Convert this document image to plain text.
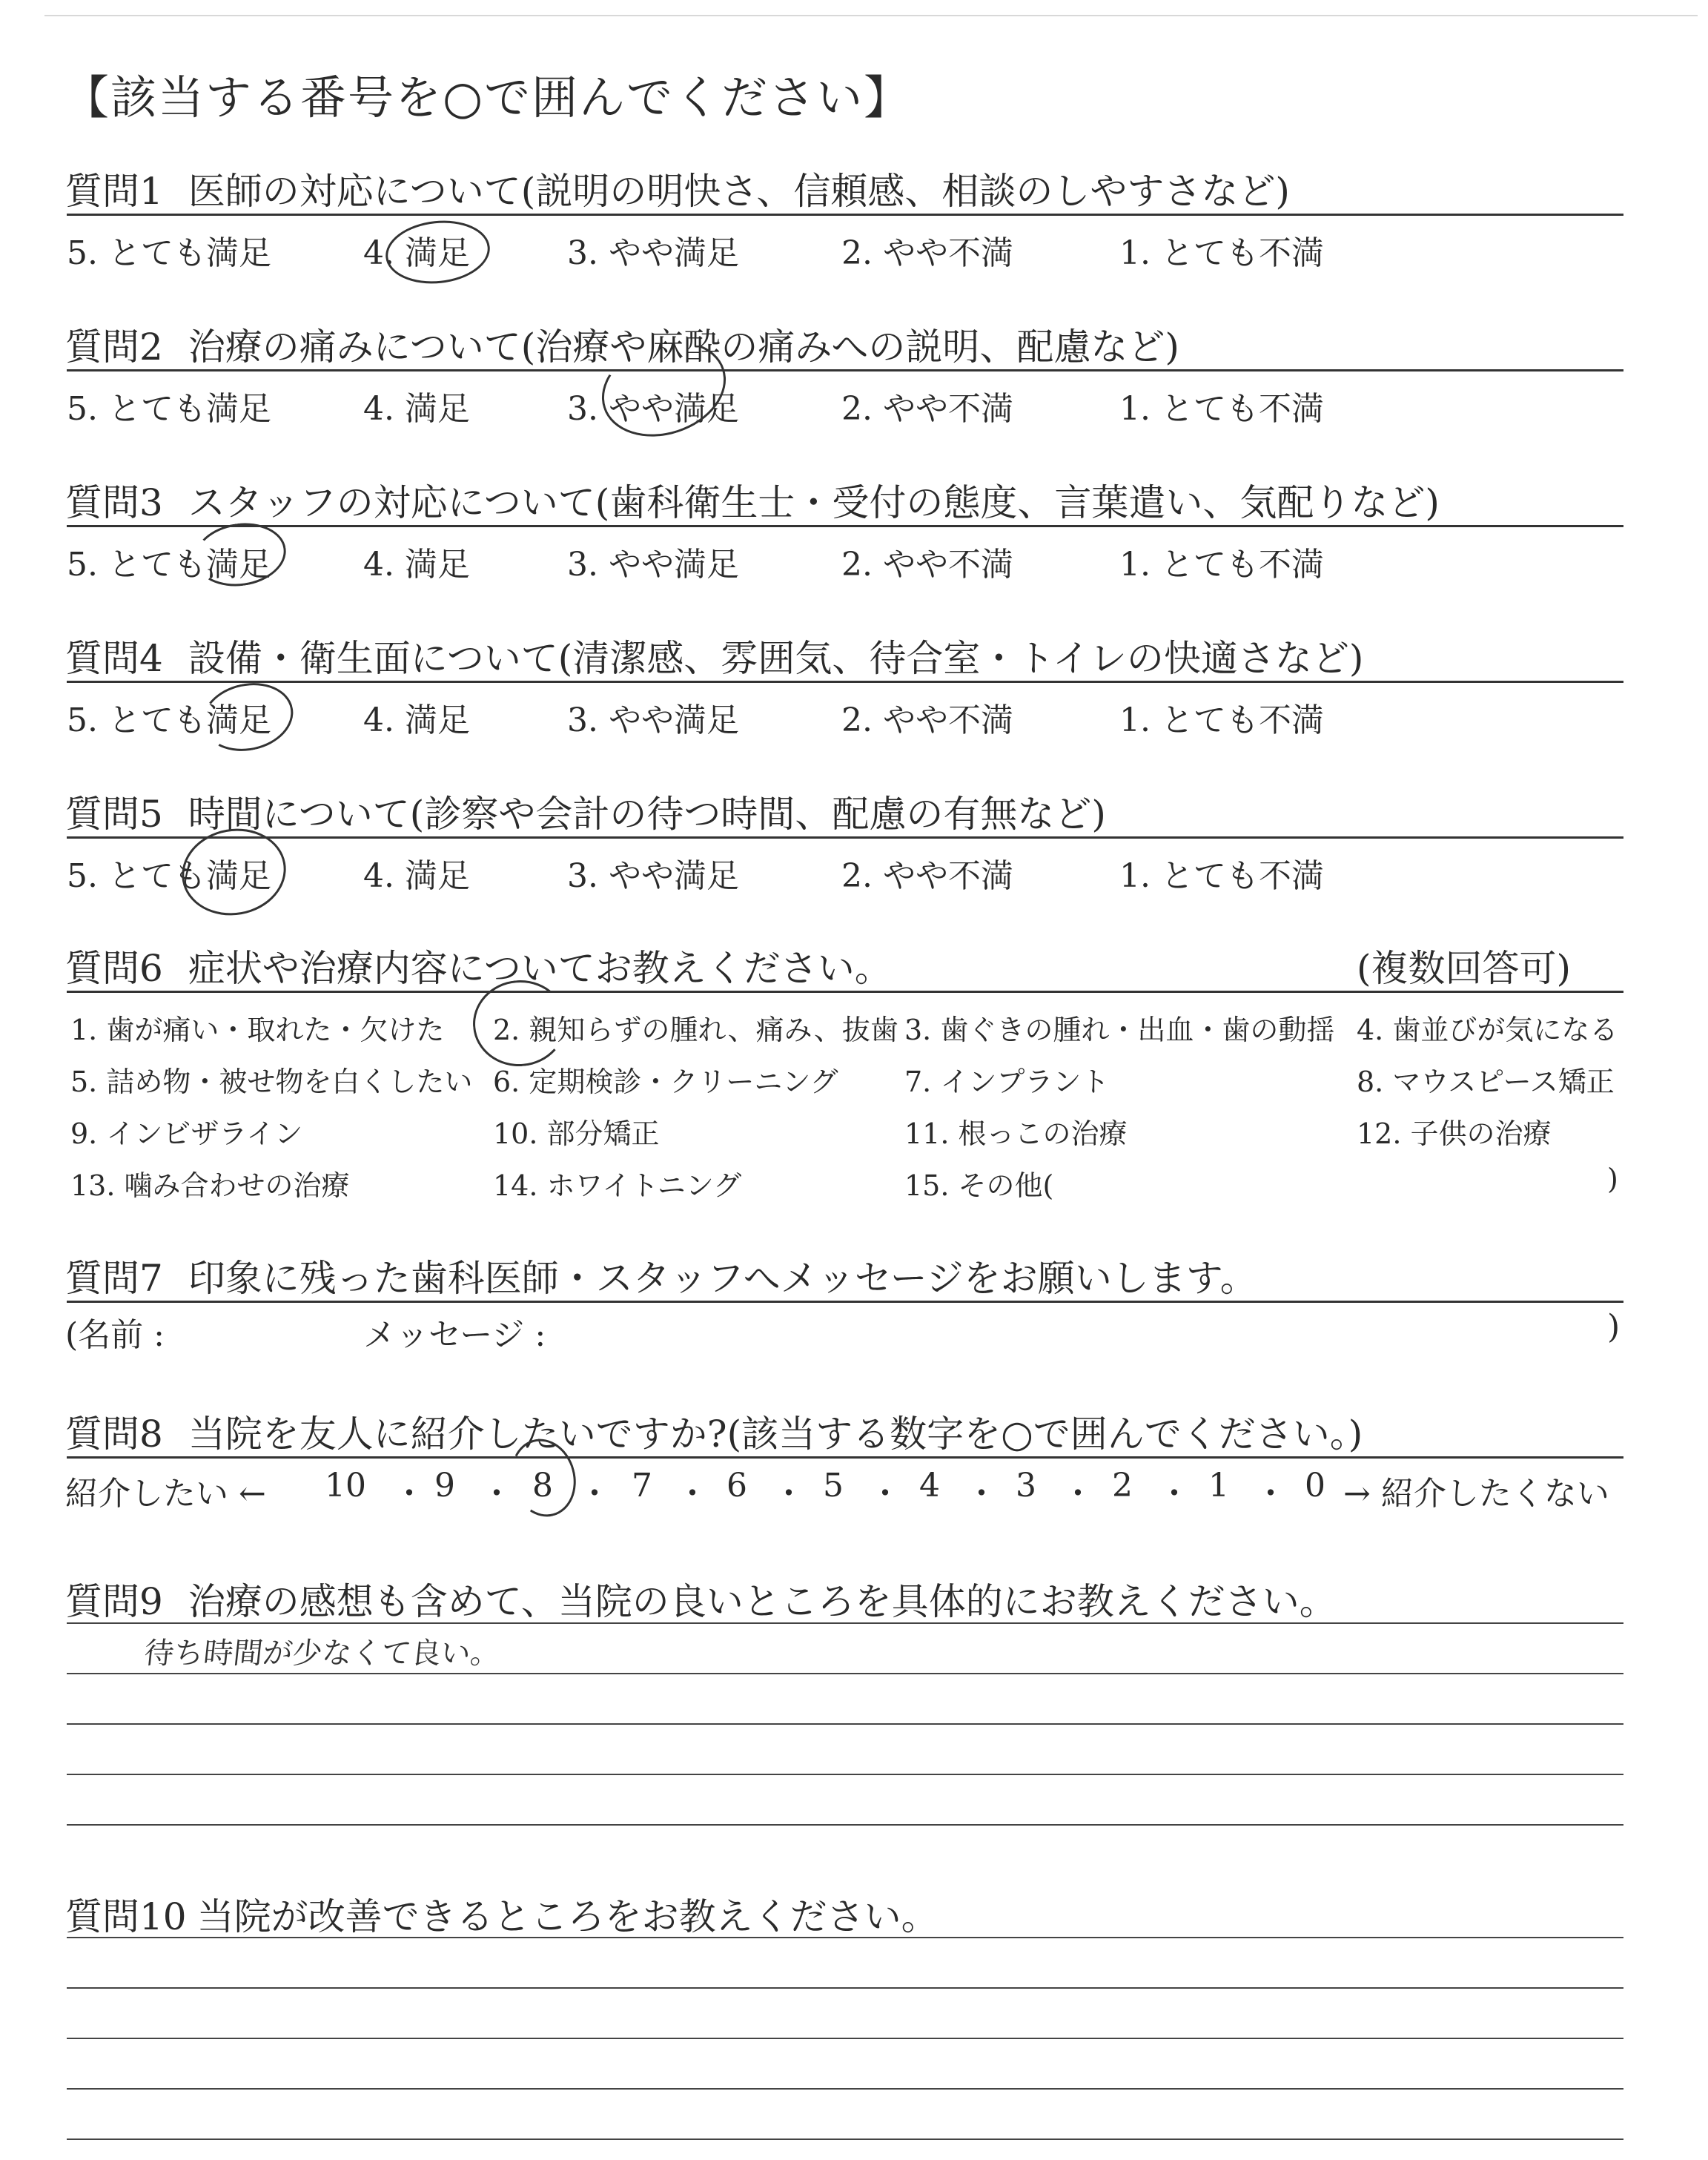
【該当する番号を○で囲んでください】
質問1 医師の対応について(説明の明快さ、信頼感、相談のしやすさなど)
5. とても満足	4. 満足	3. やや満足	2. やや不満	1. とても不満
質問2 治療の痛みについて(治療や麻酔の痛みへの説明、配慮など)
5. とても満足	4. 満足	3. やや満足	2. やや不満	1. とても不満
質問3 スタッフの対応について(歯科衛生士・受付の態度、言葉遣い、気配りなど)
5. とても満足	4. 満足	3. やや満足	2. やや不満	1. とても不満
質問4 設備・衛生面について(清潔感、雰囲気、待合室・トイレの快適さなど)
5. とても満足	4. 満足	3. やや満足	2. やや不満	1. とても不満
質問5 時間について(診察や会計の待つ時間、配慮の有無など)
5. とても満足	4. 満足	3. やや満足	2. やや不満	1. とても不満
質問6 症状や治療内容についてお教えください。	(複数回答可)
1. 歯が痛い・取れた・欠けた 2. 親知らずの腫れ、痛み、抜歯 3. 歯ぐきの腫れ・出血・歯の動揺 4. 歯並びが気になる
5. 詰め物・被せ物を白くしたい 6. 定期検診・クリーニング 7. インプラント	8. マウスピース矯正
9. インビザライン	10. 部分矯正	11. 根っこの治療	12. 子供の治療
13. 噛み合わせの治療	14. ホワイトニング	15. その他(	)
質問7 印象に残った歯科医師・スタッフへメッセージをお願いします。
(名前 :	メッセージ :	)
質問8 当院を友人に紹介したいですか?(該当する数字を○で囲んでください。)
紹介したい ← 10 ・ 9 ・ 8 ・ 7 ・ 6 ・ 5 ・ 4 ・ 3 ・ 2 ・ 1 ・ 0 → 紹介したくない
質問9 治療の感想も含めて、当院の良いところを具体的にお教えください。
待ち時間が少なくて良い。
質問10 当院が改善できるところをお教えください。
